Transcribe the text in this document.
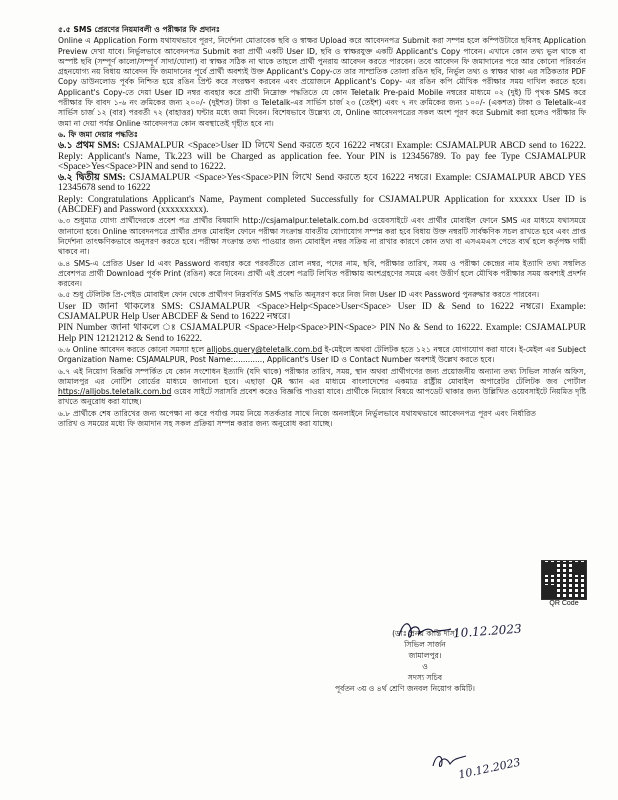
৫.৫ SMS প্রেরণের নিয়মাবলী ও পরীক্ষার ফি প্রদানঃ

Online এ Application Form যথাযথভাবে পূরণ, নির্দেশনা মোতাবেক ছবি ও স্বাক্ষর Upload করে আবেদনপত্র Submit করা সম্পন্ন হলে কম্পিউটারে ছবিসহ Application Preview দেখা যাবে। নির্ভুলভাবে আবেদনপত্র Submit করা প্রার্থী একটি User ID, ছবি ও স্বাক্ষরযুক্ত একটি Applicant's Copy পাবেন। এখানে কোন তথ্য ভুল থাকে বা অস্পষ্ট ছবি (সম্পূর্ণ কালো/সম্পূর্ণ সাদা/ঘোলা) বা স্বাক্ষর সঠিক না থাকে তাহলে প্রার্থী পুনরায় আবেদন করতে পারবেন। তবে আবেদন ফি জমাদানের পরে আর কোনো পরিবর্তন গ্রহনযোগ্য নয় বিধায় আবেদন ফি জমাদানের পূর্বে প্রার্থী অবশ্যই উক্ত Applicant's Copy-তে তার সাম্প্রতিক তোলা রঙিন ছবি, নির্ভুল তথ্য ও স্বাক্ষর থাকা এর সঠিকতার PDF Copy ডাউনলোড পূর্বক নিশ্চিত হয়ে রঙিন প্রিন্ট করে সংরক্ষণ করবেন এবং প্রয়োজনে Applicant's Copy- এর রঙিন কপি মৌখিক পরীক্ষার সময় দাখিল করতে হবে। Applicant's Copy-তে দেয়া User ID নম্বর ব্যবহার করে প্রার্থী নিম্নোক্ত পদ্ধতিতে যে কোন Teletalk Pre-paid Mobile নম্বরের মাধ্যমে ০২ (দুই) টি পৃথক SMS করে পরীক্ষার ফি বাবদ ১-৬ নং ক্রমিকের জন্য ২০০/- (দুইশত) টাকা ও Teletalk-এর সার্ভিস চার্জ ২৩ (তেইশ) এবং ৭ নং ক্রমিকের জন্য ১০০/- (একশত) টাকা ও Teletalk-এর সার্ভিস চার্জ ১২ (বার) পরবর্তী ৭২ (বাহাত্তর) ঘন্টার মধ্যে জমা দিবেন। বিশেষভাবে উল্লেখ্য যে, Online আবেদনপত্রের সকল অংশ পূরণ করে Submit করা হলেও পরীক্ষার ফি জমা না দেয়া পর্যন্ত Online আবেদনপত্র কোন অবস্থাতেই গৃহীত হবে না।

৬. ফি জমা দেয়ার পদ্ধতিঃ

৬.১ প্রথম SMS: CSJAMALPUR <Space>User ID লিখে Send করতে হবে 16222 নম্বরে। Example: CSJAMALPUR ABCD send to 16222. Reply: Applicant's Name, Tk.223 will be Charged as application fee. Your PIN is 123456789. To pay fee Type CSJAMALPUR <Space>Yes<Space>PIN and send to 16222.

৬.২ দ্বিতীয় SMS: CSJAMALPUR <Space>Yes<Space>PIN লিখে Send করতে হবে 16222 নম্বরে। Example: CSJAMALPUR ABCD YES 12345678 send to 16222

Reply: Congratulations Applicant's Name, Payment completed Successfully for CSJAMALPUR Application for xxxxxx User ID is (ABCDEF) and Password (xxxxxxxxx).

৬.৩ শুধুমাত্র যোগ্য প্রার্থীদেরকে প্রবেশ পত্র প্রার্থীর বিষয়াদি http://csjamalpur.teletalk.com.bd ওয়েবসাইটে এবং প্রার্থীর মোবাইল ফোনে SMS এর মাধ্যমে যথাসময়ে জানানো হবে। Online আবেদনপত্রে প্রার্থীর প্রদত্ত মোবাইল ফোনে পরীক্ষা সংক্রান্ত যাবতীয় যোগাযোগ সম্পন্ন করা হবে বিধায় উক্ত নম্বরটি সার্বক্ষণিক সচল রাখতে হবে এবং প্রাপ্ত নির্দেশনা তাৎক্ষণিকভাবে অনুসরণ করতে হবে। পরীক্ষা সংক্রান্ত তথ্য পাওয়ার জন্য মোবাইল নম্বর সক্রিয় না রাখার কারণে কোন তথ্য বা এসএমএস পেতে ব্যর্থ হলে কর্তৃপক্ষ দায়ী থাকবে না।

৬.৪ SMS-এ প্রেরিত User Id এবং Password ব্যবহার করে পরবর্তীতে রোল নম্বর, পদের নাম, ছবি, পরীক্ষার তারিখ, সময় ও পরীক্ষা কেন্দ্রের নাম ইত্যাদি তথ্য সম্বলিত প্রবেশপত্র প্রার্থী Download পূর্বক Print (রঙিন) করে নিবেন। প্রার্থী এই প্রবেশ পত্রটি লিখিত পরীক্ষায় অংশগ্রহণের সময়ে এবং উত্তীর্ণ হলে মৌখিক পরীক্ষার সময় অবশ্যই প্রদর্শন করবেন।

৬.৫ শুধু টেলিটক প্রি-পেইড মোবাইল ফোন থেকে প্রার্থীগণ নিম্নবর্ণিত SMS পদ্ধতি অনুসরণ করে নিজ নিজ User ID এবং Password পুনরুদ্ধার করতে পারবেন।

User ID জানা থাকলেঃ SMS: CSJAMALPUR <Space>Help<Space>User<Space> User ID & Send to 16222 নম্বরে। Example: CSJAMALPUR Help User ABCDEF & Send to 16222 নম্বরে।

PIN Number জানা থাকলে ঃ CSJAMALPUR <Space>Help<Space>PIN<Space> PIN No & Send to 16222. Example: CSJAMALPUR Help PIN 12121212 & Send to 16222.

৬.৬ Online আবেদন করতে কোনো সমস্যা হলে alljobs.query@teletalk.com.bd ই-মেইলে অথবা টেলিটক হতে ১২১ নম্বরে যোগাযোগ করা যাবে। ই-মেইল এর Subject Organization Name: CSJAMALPUR, Post Name:............, Applicant's User ID ও Contact Number অবশ্যই উল্লেখ করতে হবে।

৬.৭ এই নিয়োগ বিজ্ঞপ্তি সম্পর্কিত যে কোন সংশোধন ইত্যাদি (যদি থাকে) পরীক্ষার তারিখ, সময়, স্থান অথবা প্রার্থীগণের জন্য প্রয়োজনীয় অন্যান্য তথ্য সিভিল সার্জন অফিস, জামালপুর এর নোটিশ বোর্ডের মাধ্যমে জানানো হবে। এছাড়া QR স্ক্যান এর মাধ্যমে বাংলাদেশের একমাত্র রাষ্ট্রীয় মোবাইল অপারেটর টেলিটক জব পোর্টাল https://alljobs.teletalk.com.bd ওয়েব সাইটে সরাসরি প্রবেশ করেও বিজ্ঞপ্তি পাওয়া যাবে। প্রার্থীকে নিয়োগ বিষয়ে আপডেট থাকার জন্য উল্লিখিত ওয়েবসাইটে নিয়মিত দৃষ্টি রাখতে অনুরোধ করা যাচ্ছে।

৬.৮ প্রার্থীকে শেষ তারিখের জন্য অপেক্ষা না করে পর্যাপ্ত সময় নিয়ে সতর্কতার সাথে নিজে অনলাইনে নির্ভুলভাবে যথাযথভাবে আবেদনপত্র পূরণ এবং নির্ধারিত তারিখ ও সময়ের মধ্যে ফি জমাদান সহ সকল প্রক্রিয়া সম্পন্ন করার জন্য অনুরোধ করা যাচ্ছে।

QR Code
10.12.2023
(ডাঃ প্রনয় কান্তি দাস)
সিভিল সার্জন
জামালপুর।
ও
সদস্য সচিব
পূর্বতন ৩য় ও ৪র্থ শ্রেণি জনবল নিয়োগ কমিটি।
10.12.2023
